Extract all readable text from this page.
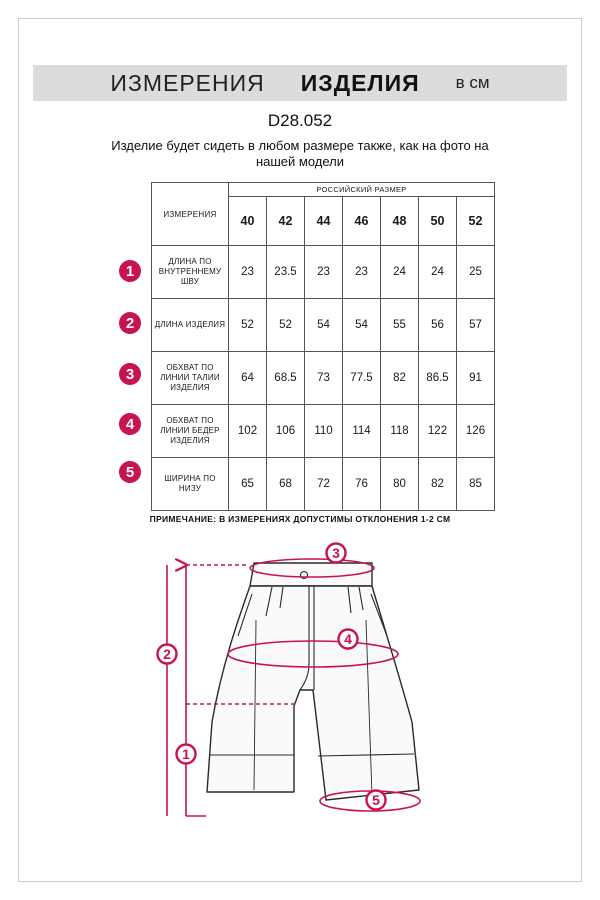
ИЗМЕРЕНИЯ ИЗДЕЛИЯ в см
D28.052
Изделие будет сидеть в любом размере также, как на фото на нашей модели
ИЗМЕРЕНИЯ	РОССИЙСКИЙ РАЗМЕР						
	40	42	44	46	48	50	52
ДЛИНА ПО ВНУТРЕННЕМУ ШВУ	23	23.5	23	23	24	24	25
ДЛИНА ИЗДЕЛИЯ	52	52	54	54	55	56	57
ОБХВАТ ПО ЛИНИИ ТАЛИИ ИЗДЕЛИЯ	64	68.5	73	77.5	82	86.5	91
ОБХВАТ ПО ЛИНИИ БЕДЕР ИЗДЕЛИЯ	102	106	110	114	118	122	126
ШИРИНА ПО НИЗУ	65	68	72	76	80	82	85
1
2
3
4
5
ПРИМЕЧАНИЕ: В ИЗМЕРЕНИЯХ ДОПУСТИМЫ ОТКЛОНЕНИЯ 1-2 СМ
3
4
2
1
5
